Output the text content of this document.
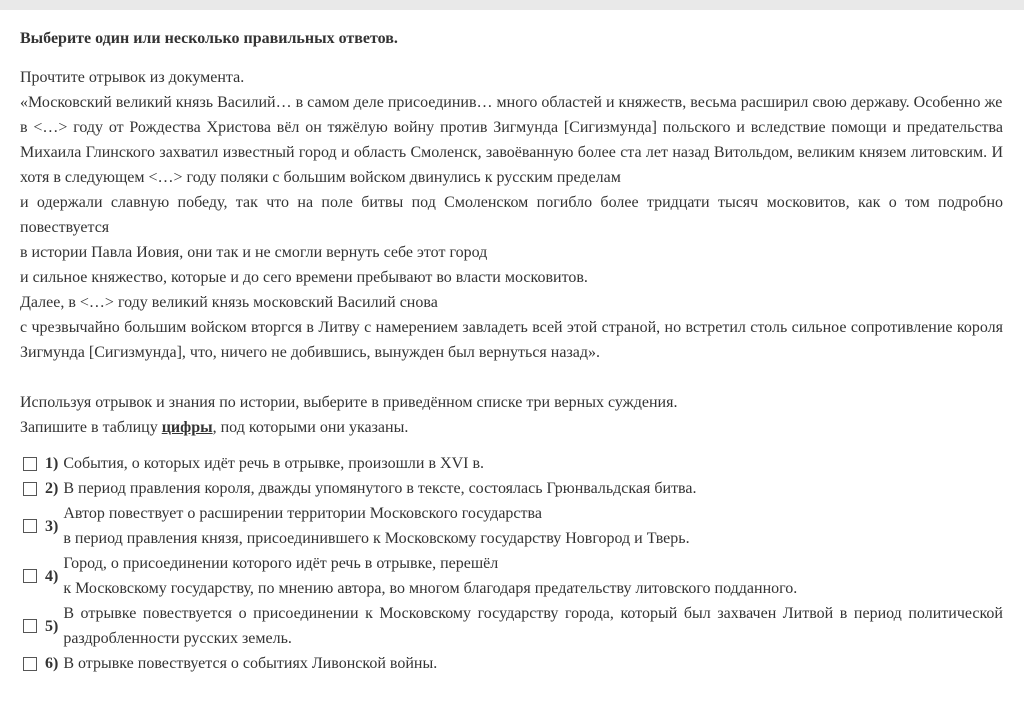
Выберите один или несколько правильных ответов.

Прочтите отрывок из документа.

«Московский великий князь Василий… в самом деле присоединив… много областей и княжеств, весьма расширил свою державу. Особенно же

в <…> году от Рождества Христова вёл он тяжёлую войну против Зигмунда [Сигизмунда] польского и вследствие помощи и предательства Михаила Глинского захватил известный город и область Смоленск, завоёванную более ста лет назад Витольдом, великим князем литовским. И хотя в следующем <…> году поляки с большим войском двинулись к русским пределам

и одержали славную победу, так что на поле битвы под Смоленском погибло более тридцати тысяч московитов, как о том подробно повествуется

в истории Павла Иовия, они так и не смогли вернуть себе этот город

и сильное княжество, которые и до сего времени пребывают во власти московитов.

Далее, в <…> году великий князь московский Василий снова

с чрезвычайно большим войском вторгся в Литву с намерением завладеть всей этой страной, но встретил столь сильное сопротивление короля Зигмунда [Сигизмунда], что, ничего не добившись, вынужден был вернуться назад».

Используя отрывок и знания по истории, выберите в приведённом списке три верных суждения.

Запишите в таблицу цифры, под которыми они указаны.

1) События, о которых идёт речь в отрывке, произошли в XVI в.
2) В период правления короля, дважды упомянутого в тексте, состоялась Грюнвальдская битва.
3)
Автор повествует о расширении территории Московского государства
в период правления князя, присоединившего к Московскому государству Новгород и Тверь.
4)
Город, о присоединении которого идёт речь в отрывке, перешёл
к Московскому государству, по мнению автора, во многом благодаря предательству литовского подданного.
5)
В отрывке повествуется о присоединении к Московскому государству города, который был захвачен Литвой в период политической раздробленности русских земель.
6) В отрывке повествуется о событиях Ливонской войны.
